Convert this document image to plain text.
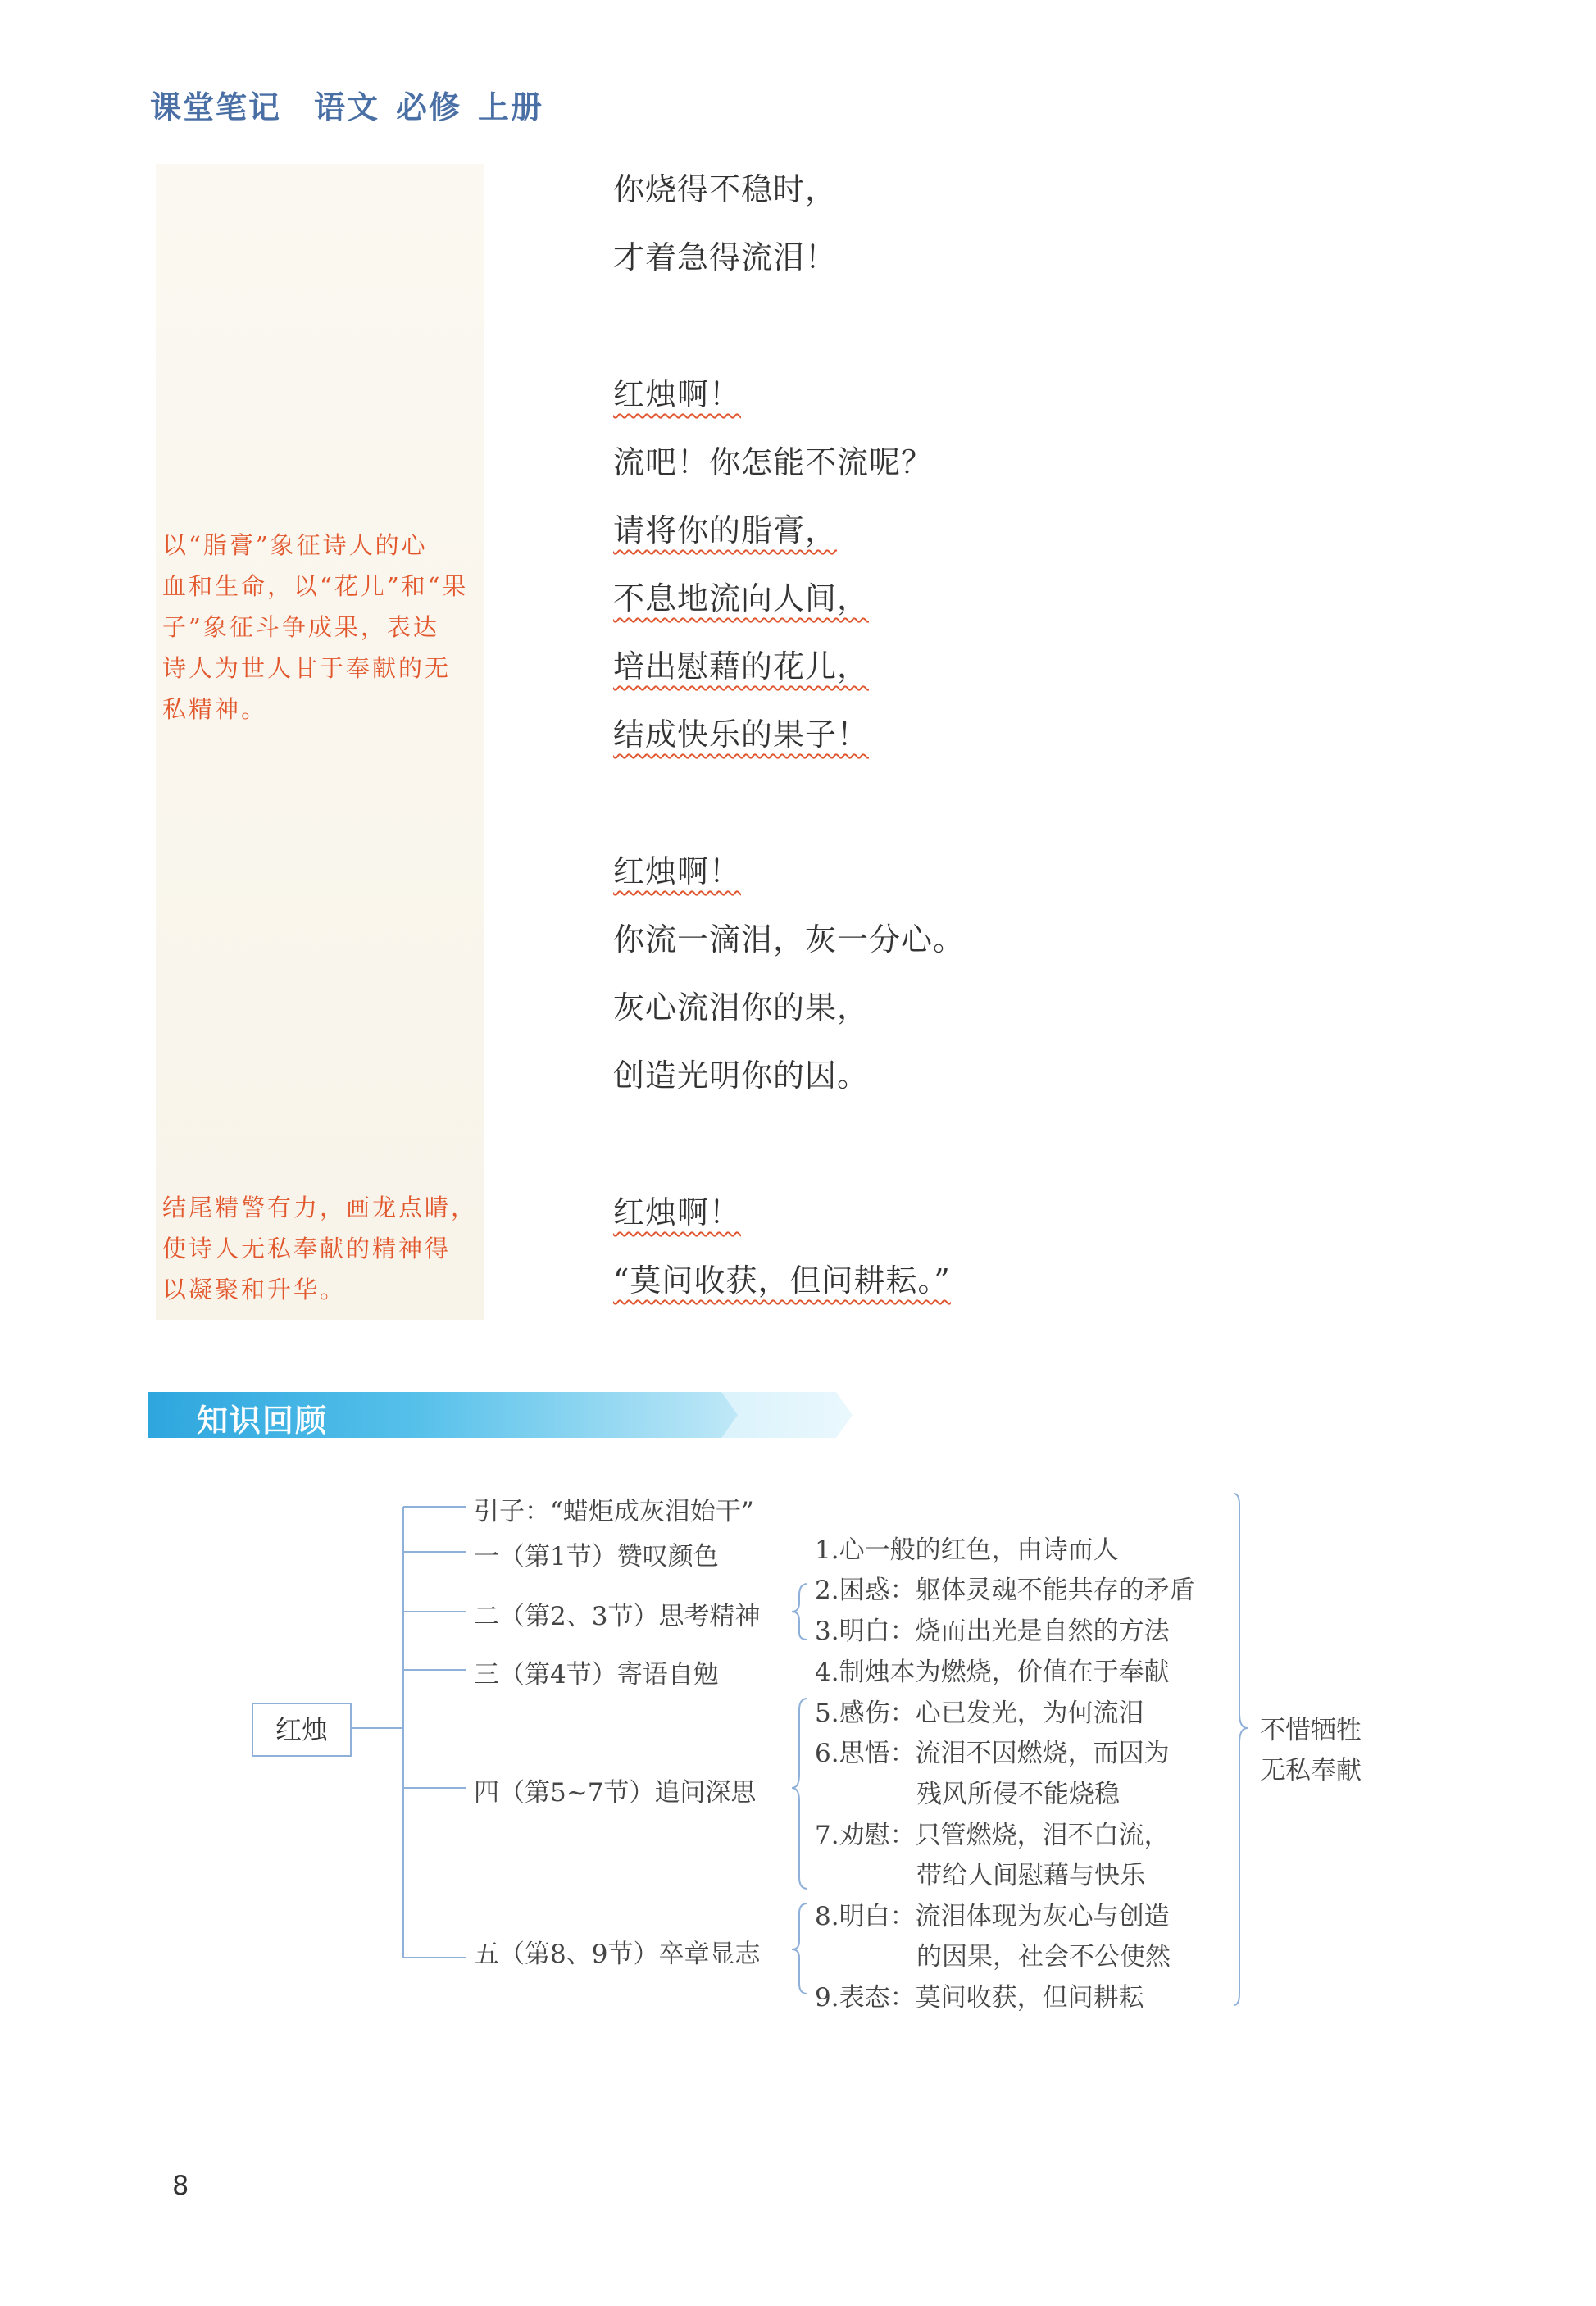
课堂笔记 语文 必修 上册
以“脂膏”象征诗人的心
血和生命，以“花儿”和“果
子”象征斗争成果，表达
诗人为世人甘于奉献的无
私精神。
结尾精警有力，画龙点睛，
使诗人无私奉献的精神得
以凝聚和升华。
你烧得不稳时，
才着急得流泪！
红烛啊！
流吧！你怎能不流呢？
请将你的脂膏，
不息地流向人间，
培出慰藉的花儿，
结成快乐的果子！
红烛啊！
你流一滴泪，灰一分心。
灰心流泪你的果，
创造光明你的因。
红烛啊！
“莫问收获，但问耕耘。”
知识回顾
红烛
引子：“蜡炬成灰泪始干”
一（第1节）赞叹颜色
二（第2、3节）思考精神
三（第4节）寄语自勉
四（第5~7节）追问深思
五（第8、9节）卒章显志
1.心一般的红色，由诗而人
2.困惑：躯体灵魂不能共存的矛盾
3.明白：烧而出光是自然的方法
4.制烛本为燃烧，价值在于奉献
5.感伤：心已发光，为何流泪
6.思悟：流泪不因燃烧，而因为
残风所侵不能烧稳
7.劝慰：只管燃烧，泪不白流，
带给人间慰藉与快乐
8.明白：流泪体现为灰心与创造
的因果，社会不公使然
9.表态：莫问收获，但问耕耘
不惜牺牲
无私奉献
8
